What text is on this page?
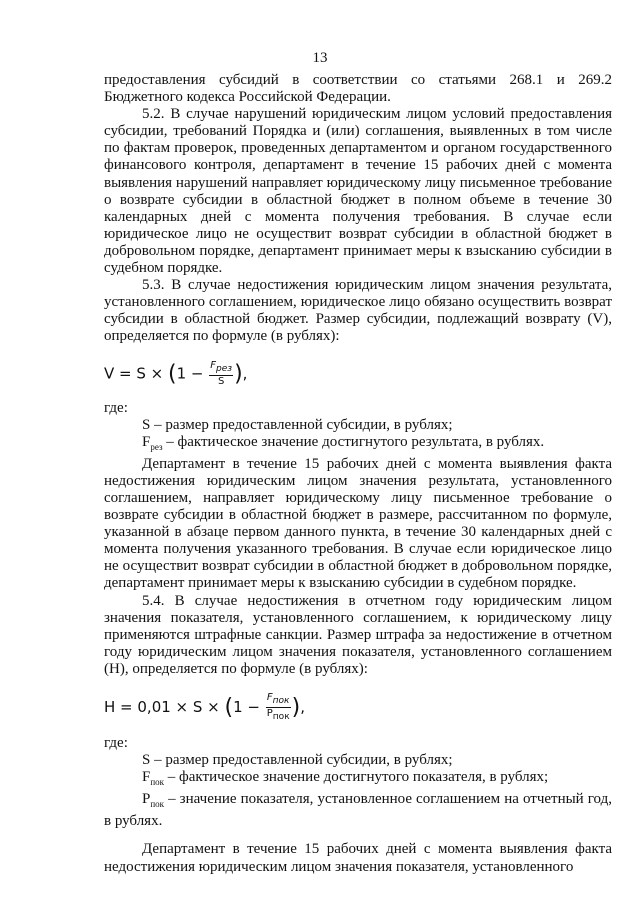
13

предоставления субсидий в соответствии со статьями 268.1 и 269.2 Бюджетного кодекса Российской Федерации.

5.2. В случае нарушений юридическим лицом условий предоставления субсидии, требований Порядка и (или) соглашения, выявленных в том числе по фактам проверок, проведенных департаментом и органом государственного финансового контроля, департамент в течение 15 рабочих дней с момента выявления нарушений направляет юридическому лицу письменное требование о возврате субсидии в областной бюджет в полном объеме в течение 30 календарных дней с момента получения требования. В случае если юридическое лицо не осуществит возврат субсидии в областной бюджет в добровольном порядке, департамент принимает меры к взысканию субсидии в судебном порядке.

5.3. В случае недостижения юридическим лицом значения результата, установленного соглашением, юридическое лицо обязано осуществить возврат субсидии в областной бюджет. Размер субсидии, подлежащий возврату (V), определяется по формуле (в рублях):

$V = S \times (1 - \frac{F_{рез}}{S}$ ),

где:

S – размер предоставленной субсидии, в рублях;

$F_{рез}$ – фактическое значение достигнутого результата, в рублях.

Департамент в течение 15 рабочих дней с момента выявления факта недостижения юридическим лицом значения результата, установленного соглашением, направляет юридическому лицу письменное требование о возврате субсидии в областной бюджет в размере, рассчитанном по формуле, указанной в абзаце первом данного пункта, в течение 30 календарных дней с момента получения указанного требования. В случае если юридическое лицо не осуществит возврат субсидии в областной бюджет в добровольном порядке, департамент принимает меры к взысканию субсидии в судебном порядке.

5.4. В случае недостижения в отчетном году юридическим лицом значения показателя, установленного соглашением, к юридическому лицу применяются штрафные санкции. Размер штрафа за недостижение в отчетном году юридическим лицом значения показателя, установленного соглашением (H), определяется по формуле (в рублях):

$H = 0,01 \times S \times (1 - \frac{F_{пок}}{P_{пок}}$ ),

где:

S – размер предоставленной субсидии, в рублях;

$F_{пок}$ – фактическое значение достигнутого показателя, в рублях;

$P_{пок}$ – значение показателя, установленное соглашением на отчетный год, в рублях.

Департамент в течение 15 рабочих дней с момента выявления факта недостижения юридическим лицом значения показателя, установленного
